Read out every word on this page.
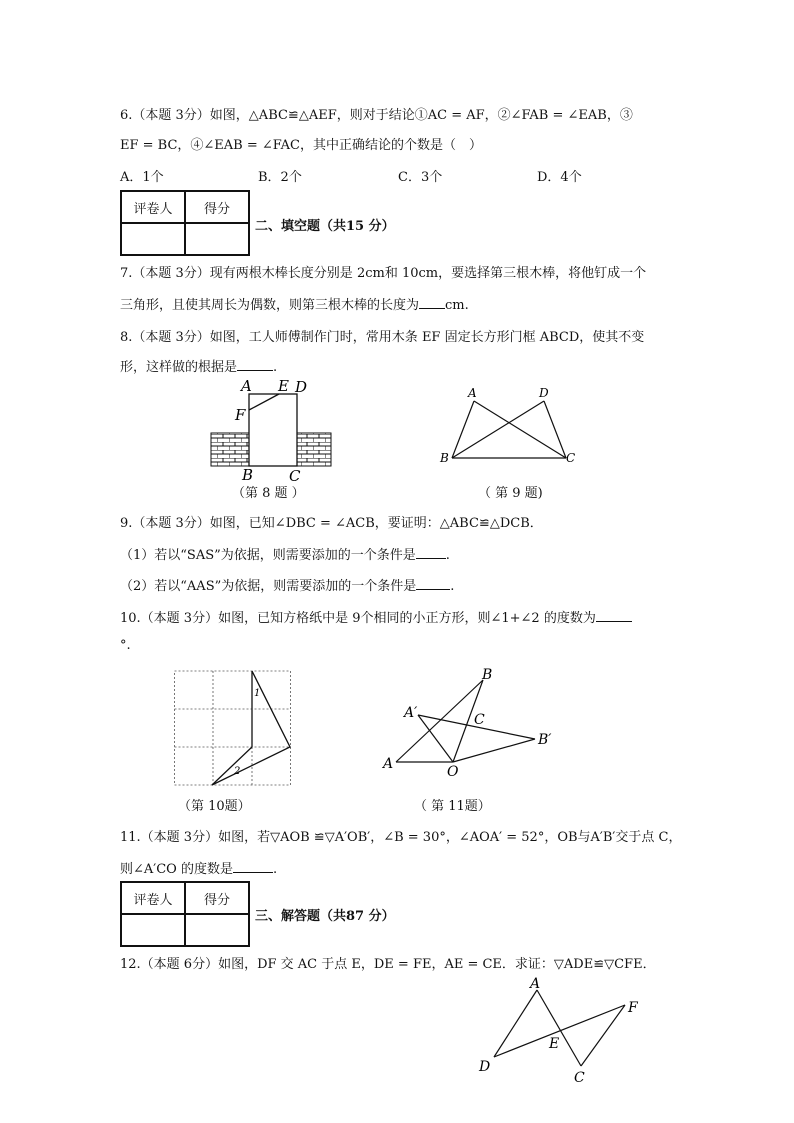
6.（本题 3分）如图，△ABC≌△AEF，则对于结论①AC = AF，②∠FAB = ∠EAB，③
EF = BC，④∠EAB = ∠FAC，其中正确结论的个数是（　）
A．1个	B．2个	C．3个	D．4个
评卷人	得分

二、填空题（共15 分）
7.（本题 3分）现有两根木棒长度分别是 2cm和 10cm，要选择第三根木棒，将他钉成一个
三角形，且使其周长为偶数，则第三根木棒的长度为 cm.
8.（本题 3分）如图，工人师傅制作门时，常用木条 EF 固定长方形门框 ABCD，使其不变
形，这样做的根据是	.
A E D
F
B C
（第 8 题 ）
A	D
B	C
（ 第 9 题)
9.（本题 3分）如图，已知∠DBC = ∠ACB，要证明：△ABC≌△DCB．
（1）若以“SAS”为依据，则需要添加的一个条件是 .
（2）若以“AAS”为依据，则需要添加的一个条件是	.
10.（本题 3分）如图，已知方格纸中是 9个相同的小正方形，则∠1+∠2 的度数为
°.
1
2
（第 10题）
B
A′	C
B′
A	O
（ 第 11题）
11.（本题 3分）如图，若▽AOB ≌▽A′OB′，∠B = 30°，∠AOA′ = 52°，OB与A′B′交于点 C，
则∠A′CO 的度数是	.
评卷人	得分

三、解答题（共87 分）
12.（本题 6分）如图，DF 交 AC 于点 E，DE = FE，AE = CE．求证：▽ADE≌▽CFE．
A
F
E
D
C
